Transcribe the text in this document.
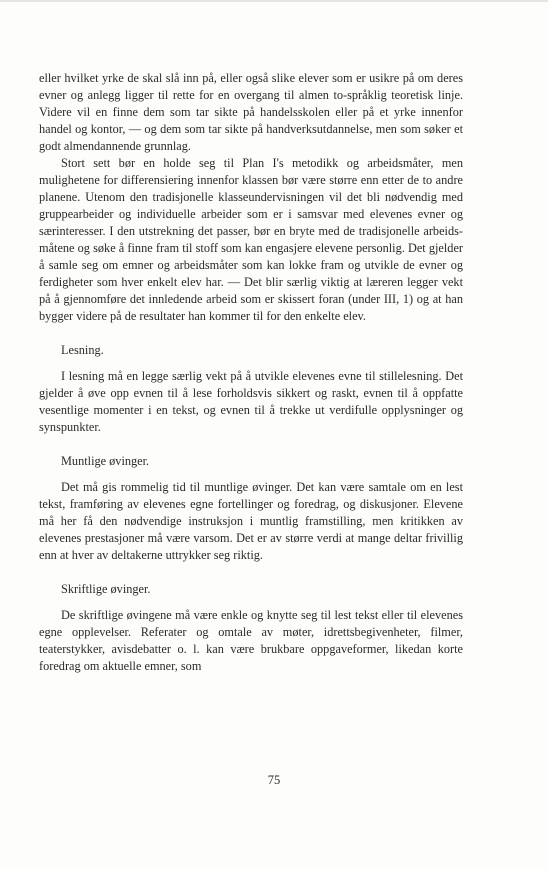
eller hvilket yrke de skal slå inn på, eller også slike elever som er usikre på om deres evner og anlegg ligger til rette for en overgang til almen to-språklig teoretisk linje. Videre vil en finne dem som tar sikte på handelsskolen eller på et yrke innenfor handel og kontor, — og dem som tar sikte på handverksutdannelse, men som søker et godt almendannende grunnlag.

Stort sett bør en holde seg til Plan I's metodikk og arbeidsmåter, men mulighetene for differensiering innenfor klassen bør være større enn etter de to andre planene. Utenom den tradisjonelle klasseundervisningen vil det bli nødvendig med gruppearbeider og individuelle arbeider som er i samsvar med elevenes evner og særinteresser. I den utstrekning det passer, bør en bryte med de tradisjonelle arbeidsmåtene og søke å finne fram til stoff som kan engasjere elevene personlig. Det gjelder å samle seg om emner og arbeidsmåter som kan lokke fram og utvikle de evner og ferdigheter som hver enkelt elev har. — Det blir særlig viktig at læreren legger vekt på å gjennomføre det innledende arbeid som er skissert foran (under III, 1) og at han bygger videre på de resultater han kommer til for den enkelte elev.

Lesning.

I lesning må en legge særlig vekt på å utvikle elevenes evne til stillelesning. Det gjelder å øve opp evnen til å lese forholdsvis sikkert og raskt, evnen til å oppfatte vesentlige momenter i en tekst, og evnen til å trekke ut verdifulle opplysninger og synspunkter.

Muntlige øvinger.

Det må gis rommelig tid til muntlige øvinger. Det kan være samtale om en lest tekst, framføring av elevenes egne fortellinger og foredrag, og diskusjoner. Elevene må her få den nødvendige instruksjon i muntlig framstilling, men kritikken av elevenes prestasjoner må være varsom. Det er av større verdi at mange deltar frivillig enn at hver av deltakerne uttrykker seg riktig.

Skriftlige øvinger.

De skriftlige øvingene må være enkle og knytte seg til lest tekst eller til elevenes egne opplevelser. Referater og omtale av møter, idrettsbegivenheter, filmer, teaterstykker, avisdebatter o. l. kan være brukbare oppgaveformer, likedan korte foredrag om aktuelle emner, som

75
